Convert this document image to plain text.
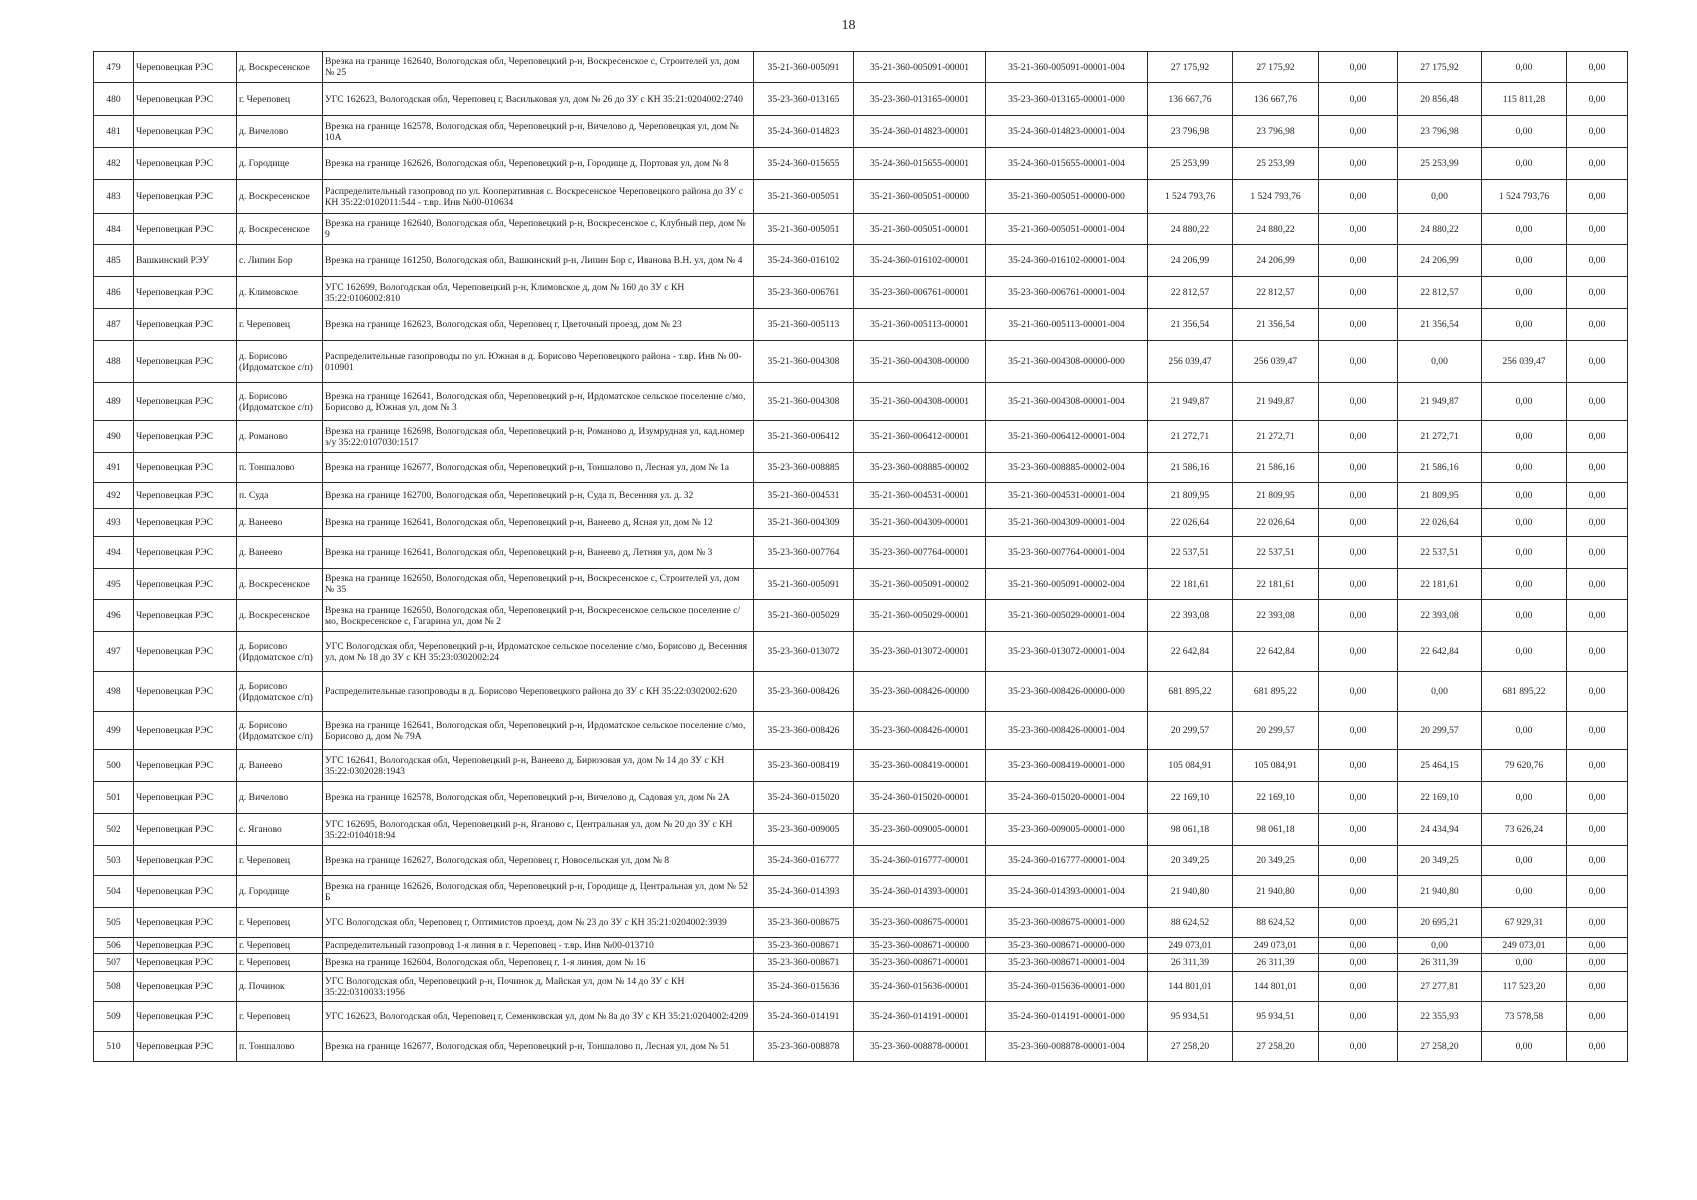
18
479	Череповецкая РЭС	д. Воскресенское	Врезка на границе 162640, Вологодская обл, Череповецкий р-н, Воскресенское с, Строителей ул, дом № 25	35-21-360-005091	35-21-360-005091-00001	35-21-360-005091-00001-004	27 175,92	27 175,92	0,00	27 175,92	0,00	0,00
480	Череповецкая РЭС	г. Череповец	УГС 162623, Вологодская обл, Череповец г, Васильковая ул, дом № 26 до ЗУ с КН 35:21:0204002:2740	35-23-360-013165	35-23-360-013165-00001	35-23-360-013165-00001-000	136 667,76	136 667,76	0,00	20 856,48	115 811,28	0,00
481	Череповецкая РЭС	д. Вичелово	Врезка на границе 162578, Вологодская обл, Череповецкий р-н, Вичелово д, Череповецкая ул, дом № 10А	35-24-360-014823	35-24-360-014823-00001	35-24-360-014823-00001-004	23 796,98	23 796,98	0,00	23 796,98	0,00	0,00
482	Череповецкая РЭС	д. Городище	Врезка на границе 162626, Вологодская обл, Череповецкий р-н, Городище д, Портовая ул, дом № 8	35-24-360-015655	35-24-360-015655-00001	35-24-360-015655-00001-004	25 253,99	25 253,99	0,00	25 253,99	0,00	0,00
483	Череповецкая РЭС	д. Воскресенское	Распределительный газопровод по ул. Кооперативная с. Воскресенское Череповецкого района до ЗУ с КН 35:22:0102011:544 - т.вр. Инв №00-010634	35-21-360-005051	35-21-360-005051-00000	35-21-360-005051-00000-000	1 524 793,76	1 524 793,76	0,00	0,00	1 524 793,76	0,00
484	Череповецкая РЭС	д. Воскресенское	Врезка на границе 162640, Вологодская обл, Череповецкий р-н, Воскресенское с, Клубный пер, дом № 9	35-21-360-005051	35-21-360-005051-00001	35-21-360-005051-00001-004	24 880,22	24 880,22	0,00	24 880,22	0,00	0,00
485	Вашкинский РЭУ	с. Липин Бор	Врезка на границе 161250, Вологодская обл, Вашкинский р-н, Липин Бор с, Иванова В.Н. ул, дом № 4	35-24-360-016102	35-24-360-016102-00001	35-24-360-016102-00001-004	24 206,99	24 206,99	0,00	24 206,99	0,00	0,00
486	Череповецкая РЭС	д. Климовское	УГС 162699, Вологодская обл, Череповецкий р-н, Климовское д, дом № 160 до ЗУ с КН 35:22:0106002:810	35-23-360-006761	35-23-360-006761-00001	35-23-360-006761-00001-004	22 812,57	22 812,57	0,00	22 812,57	0,00	0,00
487	Череповецкая РЭС	г. Череповец	Врезка на границе 162623, Вологодская обл, Череповец г, Цветочный проезд, дом № 23	35-21-360-005113	35-21-360-005113-00001	35-21-360-005113-00001-004	21 356,54	21 356,54	0,00	21 356,54	0,00	0,00
488	Череповецкая РЭС	д. Борисово (Ирдоматское с/п)	Распределительные газопроводы по ул. Южная в д. Борисово Череповецкого района - т.вр. Инв № 00-010901	35-21-360-004308	35-21-360-004308-00000	35-21-360-004308-00000-000	256 039,47	256 039,47	0,00	0,00	256 039,47	0,00
489	Череповецкая РЭС	д. Борисово (Ирдоматское с/п)	Врезка на границе 162641, Вологодская обл, Череповецкий р-н, Ирдоматское сельское поселение с/мо, Борисово д, Южная ул, дом № 3	35-21-360-004308	35-21-360-004308-00001	35-21-360-004308-00001-004	21 949,87	21 949,87	0,00	21 949,87	0,00	0,00
490	Череповецкая РЭС	д. Романово	Врезка на границе 162698, Вологодская обл, Череповецкий р-н, Романово д, Изумрудная ул, кад.номер з/у 35:22:0107030:1517	35-21-360-006412	35-21-360-006412-00001	35-21-360-006412-00001-004	21 272,71	21 272,71	0,00	21 272,71	0,00	0,00
491	Череповецкая РЭС	п. Тоншалово	Врезка на границе 162677, Вологодская обл, Череповецкий р-н, Тоншалово п, Лесная ул, дом № 1а	35-23-360-008885	35-23-360-008885-00002	35-23-360-008885-00002-004	21 586,16	21 586,16	0,00	21 586,16	0,00	0,00
492	Череповецкая РЭС	п. Суда	Врезка на границе 162700, Вологодская обл, Череповецкий р-н, Суда п, Весенняя ул. д. 32	35-21-360-004531	35-21-360-004531-00001	35-21-360-004531-00001-004	21 809,95	21 809,95	0,00	21 809,95	0,00	0,00
493	Череповецкая РЭС	д. Ванеево	Врезка на границе 162641, Вологодская обл, Череповецкий р-н, Ванеево д, Ясная ул, дом № 12	35-21-360-004309	35-21-360-004309-00001	35-21-360-004309-00001-004	22 026,64	22 026,64	0,00	22 026,64	0,00	0,00
494	Череповецкая РЭС	д. Ванеево	Врезка на границе 162641, Вологодская обл, Череповецкий р-н, Ванеево д, Летняя ул, дом № 3	35-23-360-007764	35-23-360-007764-00001	35-23-360-007764-00001-004	22 537,51	22 537,51	0,00	22 537,51	0,00	0,00
495	Череповецкая РЭС	д. Воскресенское	Врезка на границе 162650, Вологодская обл, Череповецкий р-н, Воскресенское с, Строителей ул, дом № 35	35-21-360-005091	35-21-360-005091-00002	35-21-360-005091-00002-004	22 181,61	22 181,61	0,00	22 181,61	0,00	0,00
496	Череповецкая РЭС	д. Воскресенское	Врезка на границе 162650, Вологодская обл, Череповецкий р-н, Воскресенское сельское поселение с/мо, Воскресенское с, Гагарина ул, дом № 2	35-21-360-005029	35-21-360-005029-00001	35-21-360-005029-00001-004	22 393,08	22 393,08	0,00	22 393,08	0,00	0,00
497	Череповецкая РЭС	д. Борисово (Ирдоматское с/п)	УГС Вологодская обл, Череповецкий р-н, Ирдоматское сельское поселение с/мо, Борисово д, Весенняя ул, дом № 18 до ЗУ с КН 35:23:0302002:24	35-23-360-013072	35-23-360-013072-00001	35-23-360-013072-00001-004	22 642,84	22 642,84	0,00	22 642,84	0,00	0,00
498	Череповецкая РЭС	д. Борисово (Ирдоматское с/п)	Распределительные газопроводы в д. Борисово Череповецкого района до ЗУ с КН 35:22:0302002:620	35-23-360-008426	35-23-360-008426-00000	35-23-360-008426-00000-000	681 895,22	681 895,22	0,00	0,00	681 895,22	0,00
499	Череповецкая РЭС	д. Борисово (Ирдоматское с/п)	Врезка на границе 162641, Вологодская обл, Череповецкий р-н, Ирдоматское сельское поселение с/мо, Борисово д, дом № 79А	35-23-360-008426	35-23-360-008426-00001	35-23-360-008426-00001-004	20 299,57	20 299,57	0,00	20 299,57	0,00	0,00
500	Череповецкая РЭС	д. Ванеево	УГС 162641, Вологодская обл, Череповецкий р-н, Ванеево д, Бирюзовая ул, дом № 14 до ЗУ с КН 35:22:0302028:1943	35-23-360-008419	35-23-360-008419-00001	35-23-360-008419-00001-000	105 084,91	105 084,91	0,00	25 464,15	79 620,76	0,00
501	Череповецкая РЭС	д. Вичелово	Врезка на границе 162578, Вологодская обл, Череповецкий р-н, Вичелово д, Садовая ул, дом № 2А	35-24-360-015020	35-24-360-015020-00001	35-24-360-015020-00001-004	22 169,10	22 169,10	0,00	22 169,10	0,00	0,00
502	Череповецкая РЭС	с. Яганово	УГС 162695, Вологодская обл, Череповецкий р-н, Яганово с, Центральная ул, дом № 20 до ЗУ с КН 35:22:0104018:94	35-23-360-009005	35-23-360-009005-00001	35-23-360-009005-00001-000	98 061,18	98 061,18	0,00	24 434,94	73 626,24	0,00
503	Череповецкая РЭС	г. Череповец	Врезка на границе 162627, Вологодская обл, Череповец г, Новосельская ул, дом № 8	35-24-360-016777	35-24-360-016777-00001	35-24-360-016777-00001-004	20 349,25	20 349,25	0,00	20 349,25	0,00	0,00
504	Череповецкая РЭС	д. Городище	Врезка на границе 162626, Вологодская обл, Череповецкий р-н, Городище д, Центральная ул, дом № 52 Б	35-24-360-014393	35-24-360-014393-00001	35-24-360-014393-00001-004	21 940,80	21 940,80	0,00	21 940,80	0,00	0,00
505	Череповецкая РЭС	г. Череповец	УГС Вологодская обл, Череповец г, Оптимистов проезд, дом № 23 до ЗУ с КН 35:21:0204002:3939	35-23-360-008675	35-23-360-008675-00001	35-23-360-008675-00001-000	88 624,52	88 624,52	0,00	20 695,21	67 929,31	0,00
506	Череповецкая РЭС	г. Череповец	Распределительный газопровод 1-я линия в г. Череповец - т.вр. Инв №00-013710	35-23-360-008671	35-23-360-008671-00000	35-23-360-008671-00000-000	249 073,01	249 073,01	0,00	0,00	249 073,01	0,00
507	Череповецкая РЭС	г. Череповец	Врезка на границе 162604, Вологодская обл, Череповец г, 1-я линия, дом № 16	35-23-360-008671	35-23-360-008671-00001	35-23-360-008671-00001-004	26 311,39	26 311,39	0,00	26 311,39	0,00	0,00
508	Череповецкая РЭС	д. Починок	УГС Вологодская обл, Череповецкий р-н, Починок д, Майская ул, дом № 14 до ЗУ с КН 35:22:0310033:1956	35-24-360-015636	35-24-360-015636-00001	35-24-360-015636-00001-000	144 801,01	144 801,01	0,00	27 277,81	117 523,20	0,00
509	Череповецкая РЭС	г. Череповец	УГС 162623, Вологодская обл, Череповец г, Семенковская ул, дом № 8а до ЗУ с КН 35:21:0204002:4209	35-24-360-014191	35-24-360-014191-00001	35-24-360-014191-00001-000	95 934,51	95 934,51	0,00	22 355,93	73 578,58	0,00
510	Череповецкая РЭС	п. Тоншалово	Врезка на границе 162677, Вологодская обл, Череповецкий р-н, Тоншалово п, Лесная ул, дом № 51	35-23-360-008878	35-23-360-008878-00001	35-23-360-008878-00001-004	27 258,20	27 258,20	0,00	27 258,20	0,00	0,00
